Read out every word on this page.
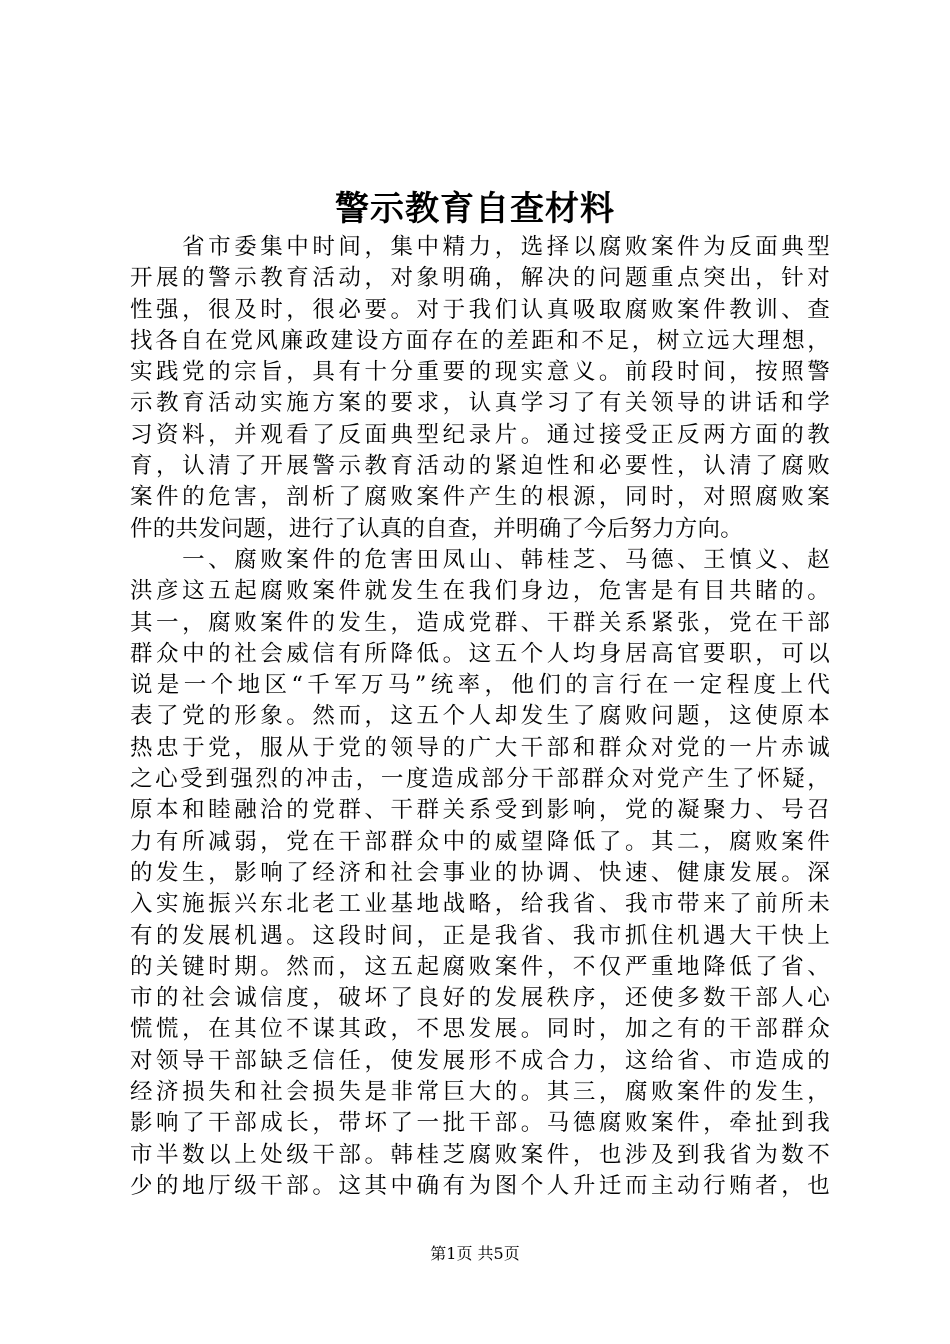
警示教育自查材料
　　省市委集中时间，集中精力，选择以腐败案件为反面典型
开展的警示教育活动，对象明确，解决的问题重点突出，针对
性强，很及时，很必要。对于我们认真吸取腐败案件教训、查
找各自在党风廉政建设方面存在的差距和不足，树立远大理想，
实践党的宗旨，具有十分重要的现实意义。前段时间，按照警
示教育活动实施方案的要求，认真学习了有关领导的讲话和学
习资料，并观看了反面典型纪录片。通过接受正反两方面的教
育，认清了开展警示教育活动的紧迫性和必要性，认清了腐败
案件的危害，剖析了腐败案件产生的根源，同时，对照腐败案
件的共发问题，进行了认真的自查，并明确了今后努力方向。
　　一、腐败案件的危害田凤山、韩桂芝、马德、王慎义、赵
洪彦这五起腐败案件就发生在我们身边，危害是有目共睹的。
其一，腐败案件的发生，造成党群、干群关系紧张，党在干部
群众中的社会威信有所降低。这五个人均身居高官要职，可以
说是一个地区“千军万马”统率，他们的言行在一定程度上代
表了党的形象。然而，这五个人却发生了腐败问题，这使原本
热忠于党，服从于党的领导的广大干部和群众对党的一片赤诚
之心受到强烈的冲击，一度造成部分干部群众对党产生了怀疑，
原本和睦融洽的党群、干群关系受到影响，党的凝聚力、号召
力有所减弱，党在干部群众中的威望降低了。其二，腐败案件
的发生，影响了经济和社会事业的协调、快速、健康发展。深
入实施振兴东北老工业基地战略，给我省、我市带来了前所未
有的发展机遇。这段时间，正是我省、我市抓住机遇大干快上
的关键时期。然而，这五起腐败案件，不仅严重地降低了省、
市的社会诚信度，破坏了良好的发展秩序，还使多数干部人心
慌慌，在其位不谋其政，不思发展。同时，加之有的干部群众
对领导干部缺乏信任，使发展形不成合力，这给省、市造成的
经济损失和社会损失是非常巨大的。其三，腐败案件的发生，
影响了干部成长，带坏了一批干部。马德腐败案件，牵扯到我
市半数以上处级干部。韩桂芝腐败案件，也涉及到我省为数不
少的地厅级干部。这其中确有为图个人升迁而主动行贿者，也
第1页 共5页
